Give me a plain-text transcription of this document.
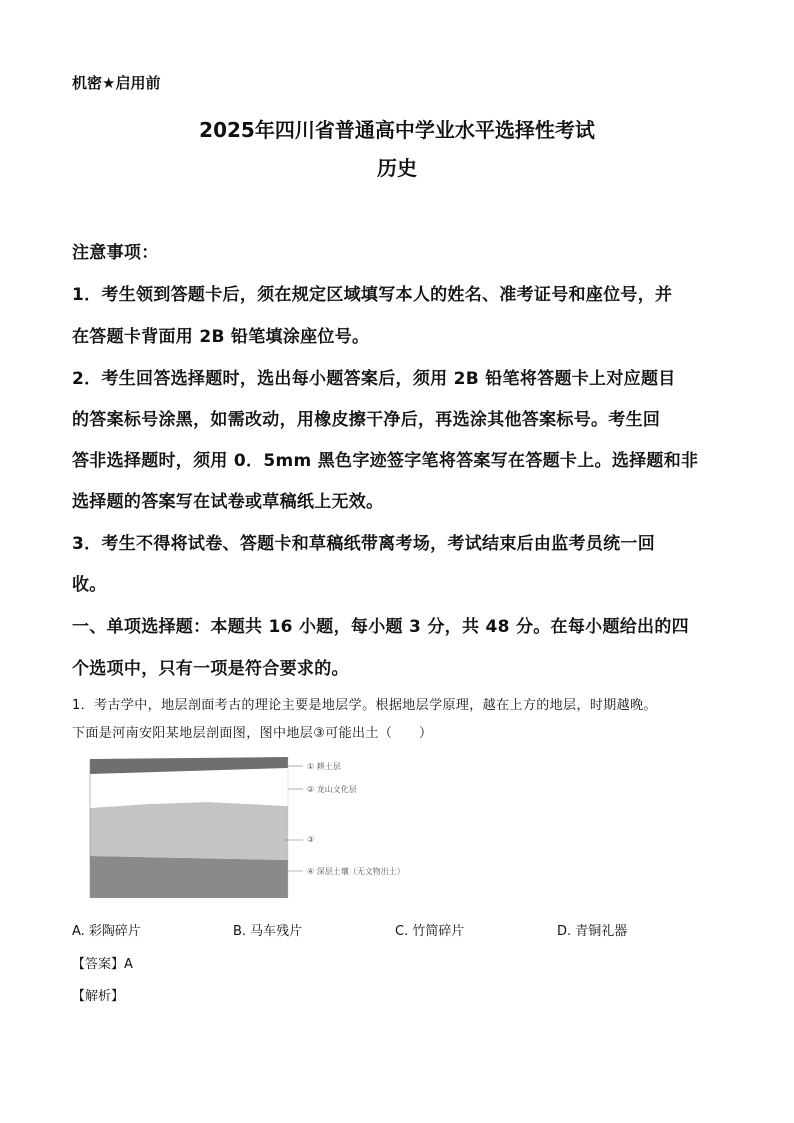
机密★启用前
2025年四川省普通高中学业水平选择性考试
历史
注意事项：
1．考生领到答题卡后，须在规定区域填写本人的姓名、准考证号和座位号，并
在答题卡背面用 2B 铅笔填涂座位号。
2．考生回答选择题时，选出每小题答案后，须用 2B 铅笔将答题卡上对应题目
的答案标号涂黑，如需改动，用橡皮擦干净后，再选涂其他答案标号。考生回
答非选择题时，须用 0．5mm 黑色字迹签字笔将答案写在答题卡上。选择题和非
选择题的答案写在试卷或草稿纸上无效。
3．考生不得将试卷、答题卡和草稿纸带离考场，考试结束后由监考员统一回
收。
一、单项选择题：本题共 16 小题，每小题 3 分，共 48 分。在每小题给出的四
个选项中，只有一项是符合要求的。
1．考古学中，地层剖面考古的理论主要是地层学。根据地层学原理，越在上方的地层，时期越晚。
下面是河南安阳某地层剖面图，图中地层③可能出土（　　）
① 耕土层
② 龙山文化层
③
④ 深层土壤（无文物出土）
A. 彩陶碎片	B. 马车残片	C. 竹简碎片	D. 青铜礼器
【答案】A
【解析】
